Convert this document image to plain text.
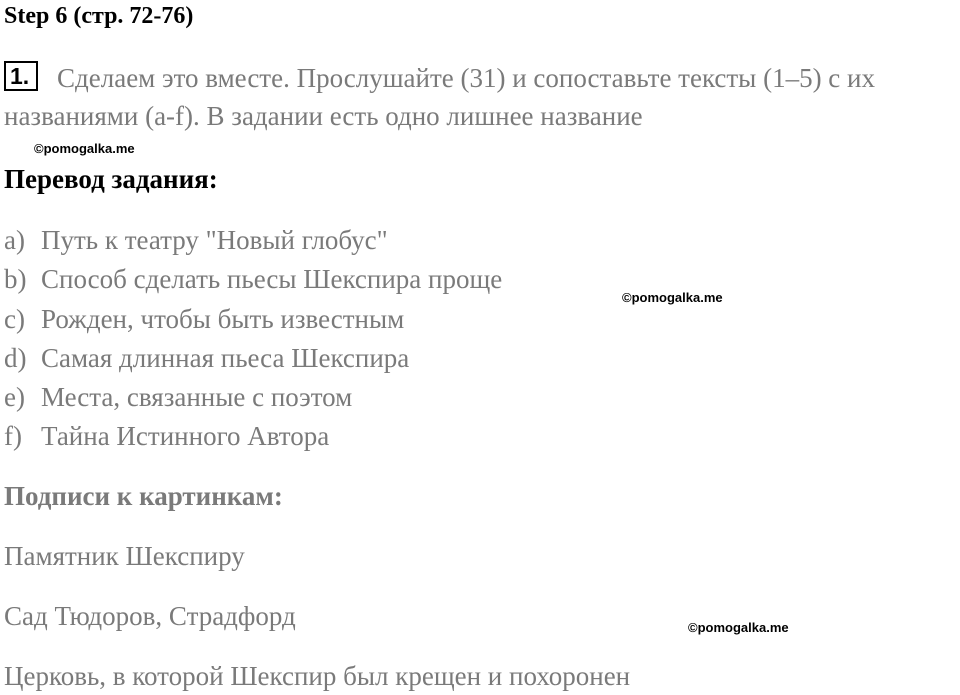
Step 6 (стр. 72-76)
1.	Сделаем это вместе. Прослушайте (31) и сопоставьте тексты (1–5) с их
названиями (a-f). В задании есть одно лишнее название
©pomogalka.me
Перевод задания:
a) Путь к театру "Новый глобус"
b) Способ сделать пьесы Шекспира проще
c) Рожден, чтобы быть известным
d) Самая длинная пьеса Шекспира
e) Места, связанные с поэтом
f) Тайна Истинного Автора
©pomogalka.me
Подписи к картинкам:
Памятник Шекспиру
Сад Тюдоров, Страдфорд	©pomogalka.me
Церковь, в которой Шекспир был крещен и похоронен
